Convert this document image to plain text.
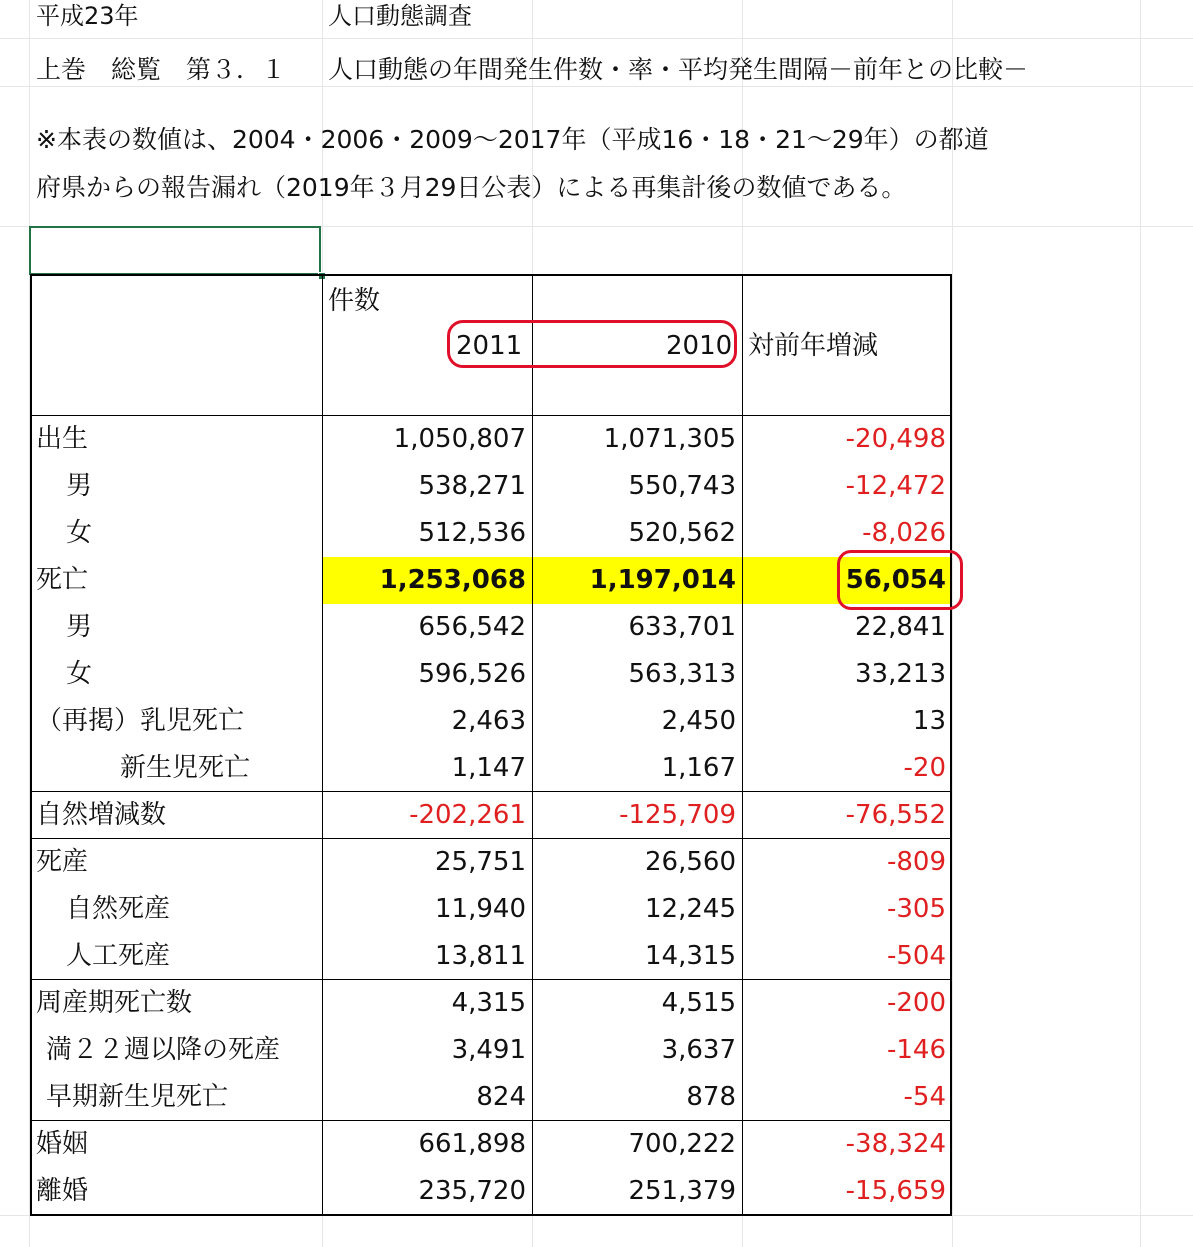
平成23年	人口動態調査
上巻　総覧　第３．１ 人口動態の年間発生件数・率・平均発生間隔－前年との比較－
※本表の数値は、2004・2006・2009～2017年（平成16・18・21～29年）の都道
府県からの報告漏れ（2019年３月29日公表）による再集計後の数値である。
件数
2011	2010 対前年増減
出生	1,050,807	1,071,305	-20,498
男	538,271	550,743	-12,472
女	512,536	520,562	-8,026
死亡	1,253,068	1,197,014	56,054
男	656,542	633,701	22,841
女	596,526	563,313	33,213
（再掲）乳児死亡	2,463	2,450	13
新生児死亡	1,147	1,167	-20
自然増減数	-202,261	-125,709	-76,552
死産	25,751	26,560	-809
自然死産	11,940	12,245	-305
人工死産	13,811	14,315	-504
周産期死亡数	4,315	4,515	-200
満２２週以降の死産	3,491	3,637	-146
早期新生児死亡	824	878	-54
婚姻	661,898	700,222	-38,324
離婚	235,720	251,379	-15,659
